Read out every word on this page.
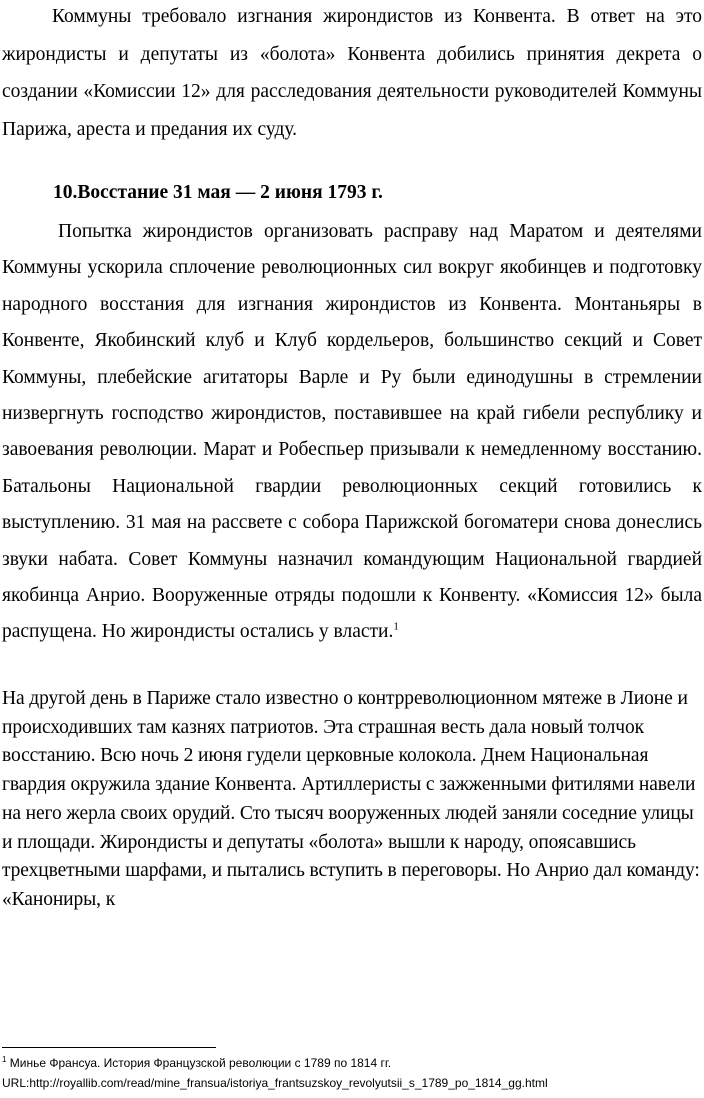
Коммуны требовало изгнания жирондистов из Конвента. В ответ на это жирондисты и депутаты из «болота» Конвента добились принятия декрета о создании «Комиссии 12» для расследования деятельности руководителей Коммуны Парижа, ареста и предания их суду.

10.Восстание 31 мая — 2 июня 1793 г.

Попытка жирондистов организовать расправу над Маратом и деятелями Коммуны ускорила сплочение революционных сил вокруг якобинцев и подготовку народного восстания для изгнания жирондистов из Конвента. Монтаньяры в Конвенте, Якобинский клуб и Клуб кордельеров, большинство секций и Совет Коммуны, плебейские агитаторы Варле и Ру были единодушны в стремлении низвергнуть господство жирондистов, поставившее на край гибели республику и завоевания революции. Марат и Робеспьер призывали к немедленному восстанию. Батальоны Национальной гвардии революционных секций готовились к выступлению. 31 мая на рассвете с собора Парижской богоматери снова донеслись звуки набата. Совет Коммуны назначил командующим Национальной гвардией якобинца Анрио. Вооруженные отряды подошли к Конвенту. «Комиссия 12» была распущена. Но жирондисты остались у власти.$^1$

На другой день в Париже стало известно о контрреволюционном мятеже в Лионе и происходивших там казнях патриотов. Эта страшная весть дала новый толчок восстанию. Всю ночь 2 июня гудели церковные колокола. Днем Национальная гвардия окружила здание Конвента. Артиллеристы с зажженными фитилями навели на него жерла своих орудий. Сто тысяч вооруженных людей заняли соседние улицы и площади. Жирондисты и депутаты «болота» вышли к народу, опоясавшись трехцветными шарфами, и пытались вступить в переговоры. Но Анрио дал команду: «Канониры, к

$^1$ Минье Франсуа. История Французской революции с 1789 по 1814 гг.

URL:http://royallib.com/read/mine_fransua/istoriya_frantsuzskoy_revolyutsii_s_1789_po_1814_gg.html
